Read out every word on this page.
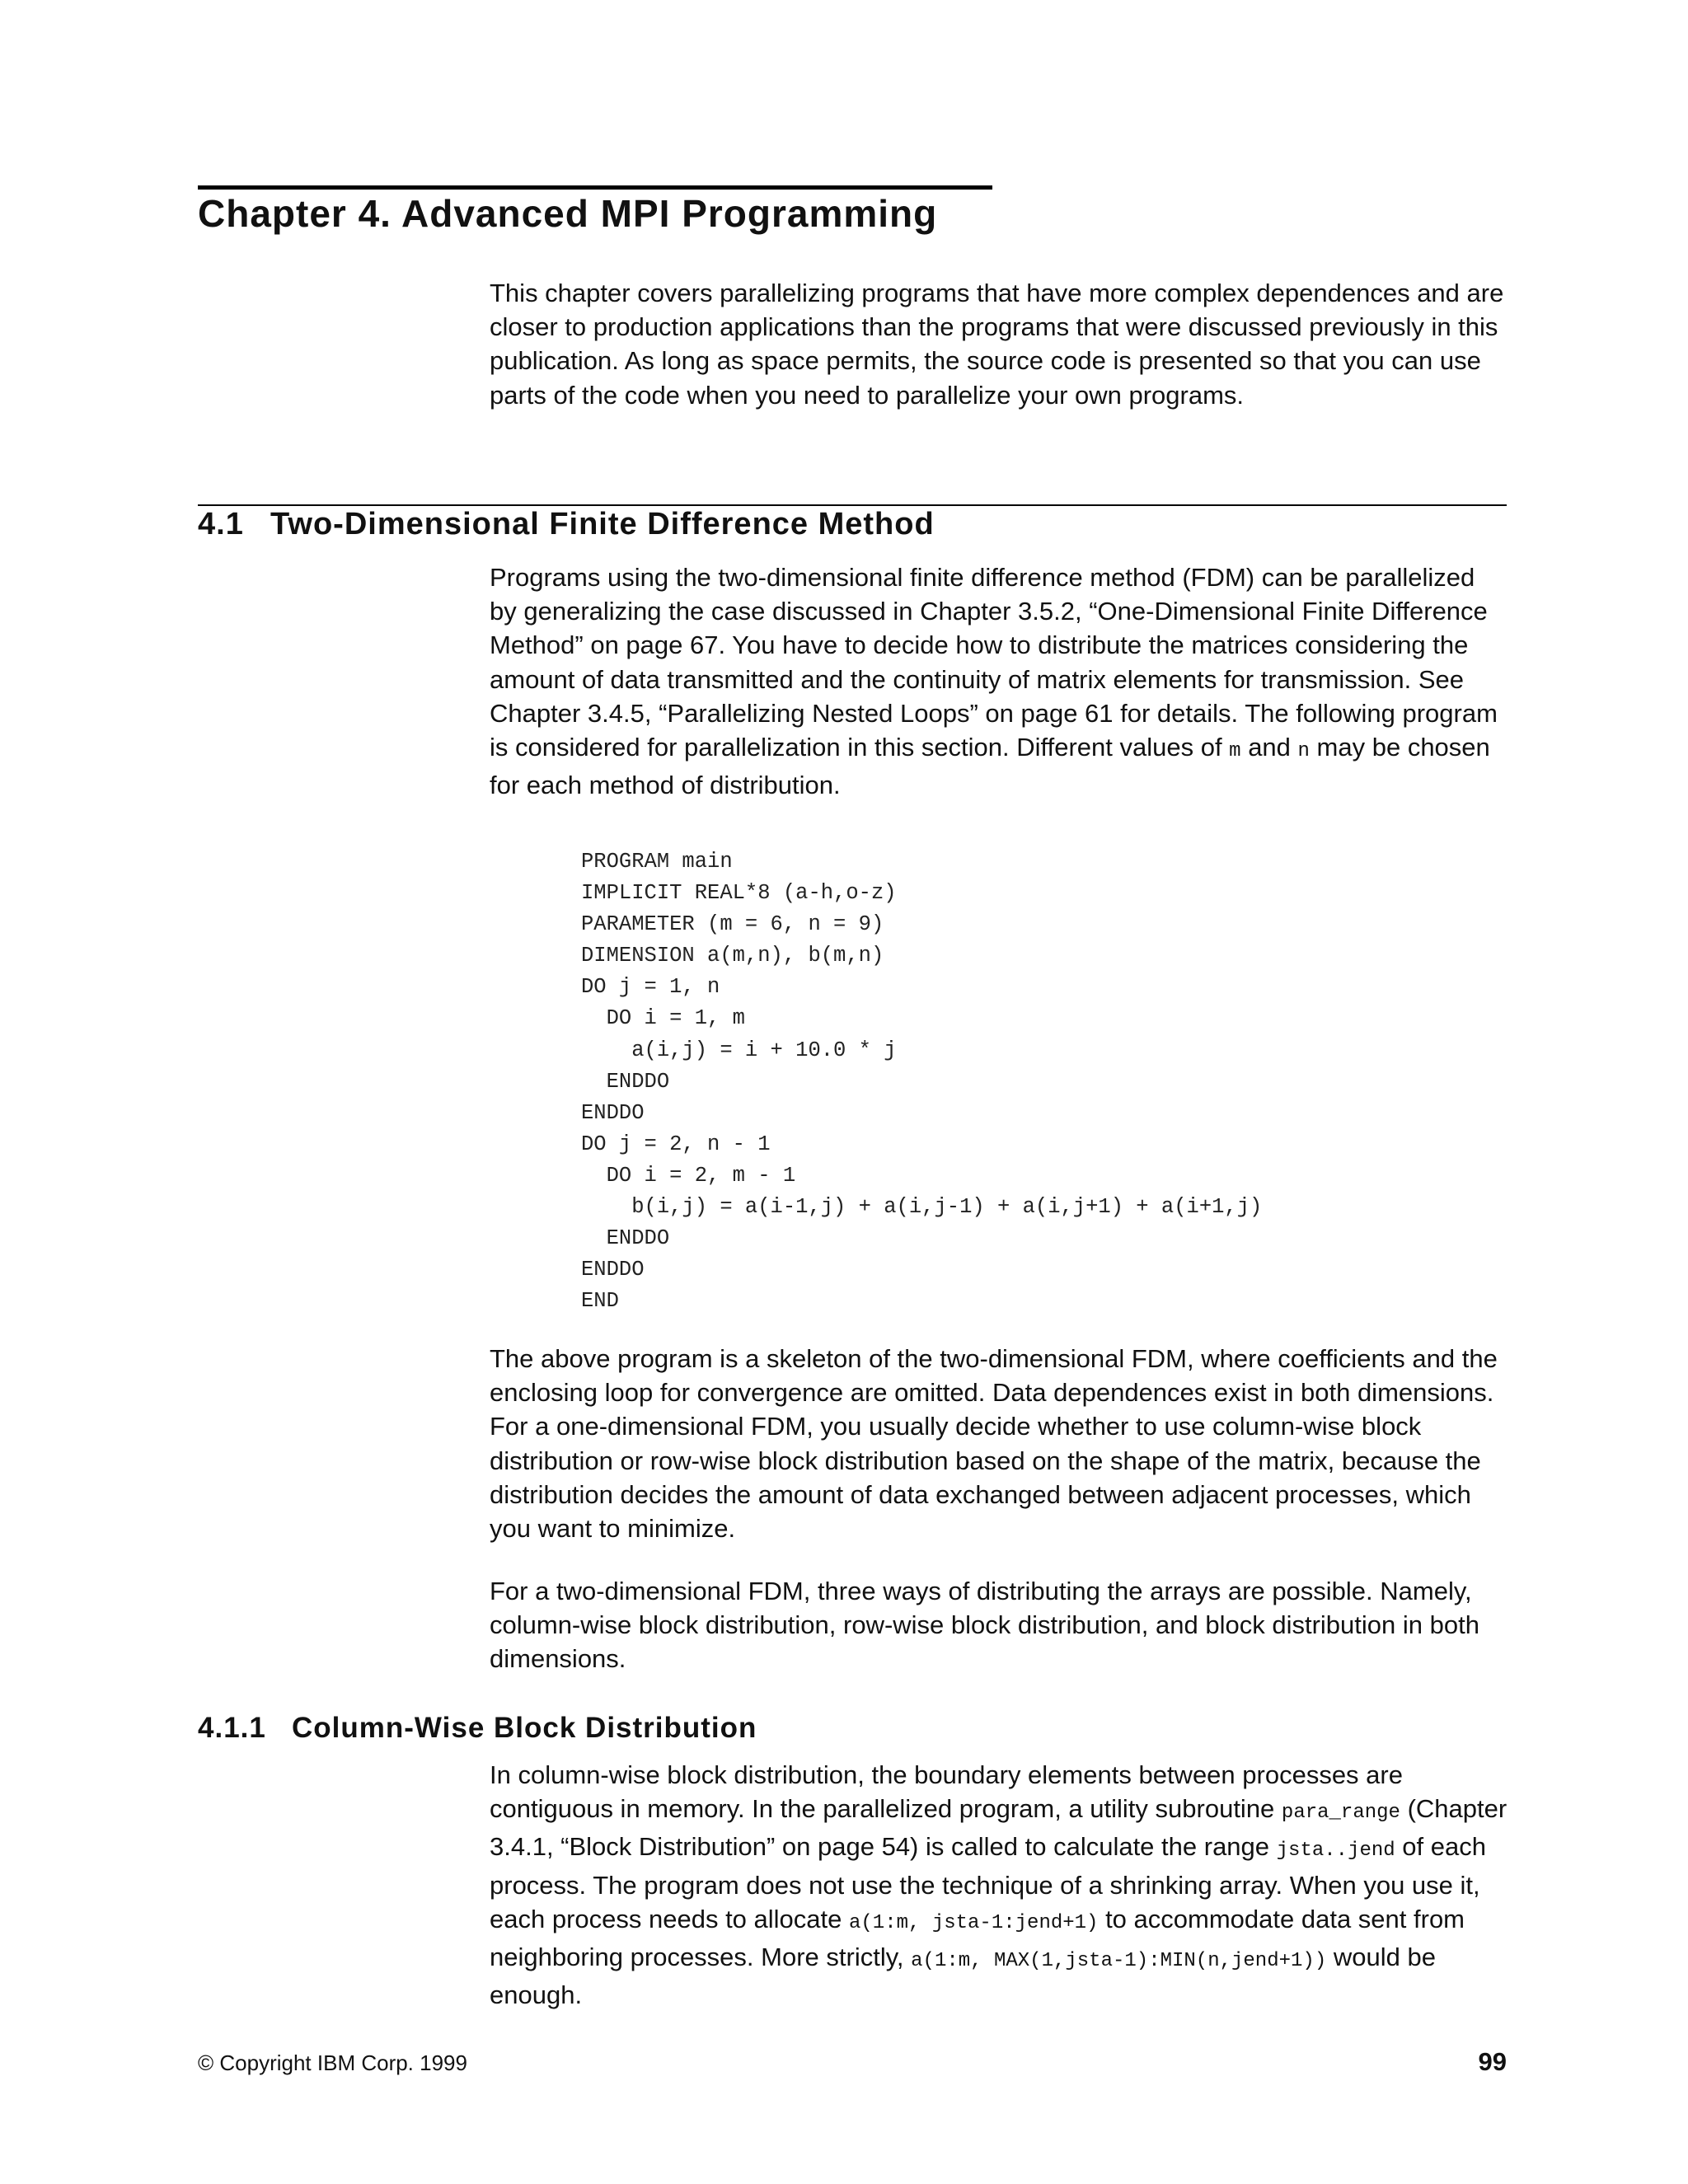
Chapter 4. Advanced MPI Programming

This chapter covers parallelizing programs that have more complex dependences and are closer to production applications than the programs that were discussed previously in this publication. As long as space permits, the source code is presented so that you can use parts of the code when you need to parallelize your own programs.

4.1 Two-Dimensional Finite Difference Method

Programs using the two-dimensional finite difference method (FDM) can be parallelized by generalizing the case discussed in Chapter 3.5.2, “One-Dimensional Finite Difference Method” on page 67. You have to decide how to distribute the matrices considering the amount of data transmitted and the continuity of matrix elements for transmission. See Chapter 3.4.5, “Parallelizing Nested Loops” on page 61 for details. The following program is considered for parallelization in this section. Different values of m and n may be chosen for each method of distribution.

PROGRAM main
IMPLICIT REAL*8 (a-h,o-z)
PARAMETER (m = 6, n = 9)
DIMENSION a(m,n), b(m,n)
DO j = 1, n
DO i = 1, m
a(i,j) = i + 10.0 * j
ENDDO
ENDDO
DO j = 2, n - 1
DO i = 2, m - 1
b(i,j) = a(i-1,j) + a(i,j-1) + a(i,j+1) + a(i+1,j)
ENDDO
ENDDO
END

The above program is a skeleton of the two-dimensional FDM, where coefficients and the enclosing loop for convergence are omitted. Data dependences exist in both dimensions. For a one-dimensional FDM, you usually decide whether to use column-wise block distribution or row-wise block distribution based on the shape of the matrix, because the distribution decides the amount of data exchanged between adjacent processes, which you want to minimize.

For a two-dimensional FDM, three ways of distributing the arrays are possible. Namely, column-wise block distribution, row-wise block distribution, and block distribution in both dimensions.

4.1.1 Column-Wise Block Distribution

In column-wise block distribution, the boundary elements between processes are contiguous in memory. In the parallelized program, a utility subroutine para_range (Chapter 3.4.1, “Block Distribution” on page 54) is called to calculate the range jsta..jend of each process. The program does not use the technique of a shrinking array. When you use it, each process needs to allocate a(1:m, jsta-1:jend+1) to accommodate data sent from neighboring processes. More strictly, a(1:m, MAX(1,jsta-1):MIN(n,jend+1)) would be enough.

© Copyright IBM Corp. 1999	99
